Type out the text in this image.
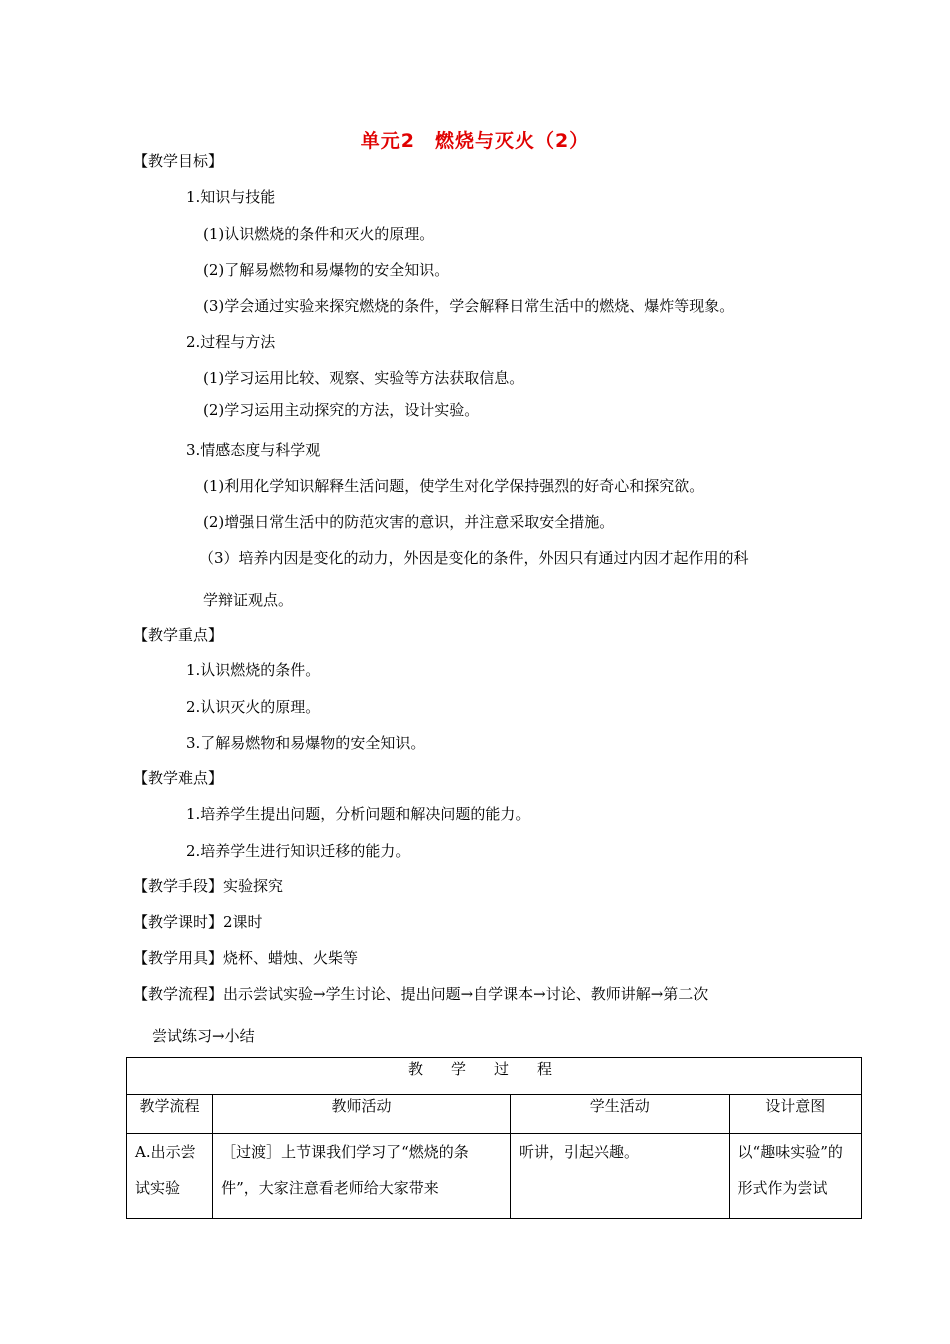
单元2　燃烧与灭火（2）
【教学目标】
1.知识与技能
(1)认识燃烧的条件和灭火的原理。
(2)了解易燃物和易爆物的安全知识。
(3)学会通过实验来探究燃烧的条件，学会解释日常生活中的燃烧、爆炸等现象。
2.过程与方法
(1)学习运用比较、观察、实验等方法获取信息。
(2)学习运用主动探究的方法，设计实验。
3.情感态度与科学观
(1)利用化学知识解释生活问题，使学生对化学保持强烈的好奇心和探究欲。
(2)增强日常生活中的防范灾害的意识，并注意采取安全措施。
（3）培养内因是变化的动力，外因是变化的条件，外因只有通过内因才起作用的科
学辩证观点。
【教学重点】
1.认识燃烧的条件。
2.认识灭火的原理。
3.了解易燃物和易爆物的安全知识。
【教学难点】
1.培养学生提出问题，分析问题和解决问题的能力。
2.培养学生进行知识迁移的能力。
【教学手段】实验探究
【教学课时】2课时
【教学用具】烧杯、蜡烛、火柴等
【教学流程】出示尝试实验→学生讨论、提出问题→自学课本→讨论、教师讲解→第二次
尝试练习→小结
教学过程			
教学流程	教师活动	学生活动	设计意图
A.出示尝试实验	［过渡］上节课我们学习了“燃烧的条件”，大家注意看老师给大家带来	听讲，引起兴趣。	以“趣味实验”的形式作为尝试
